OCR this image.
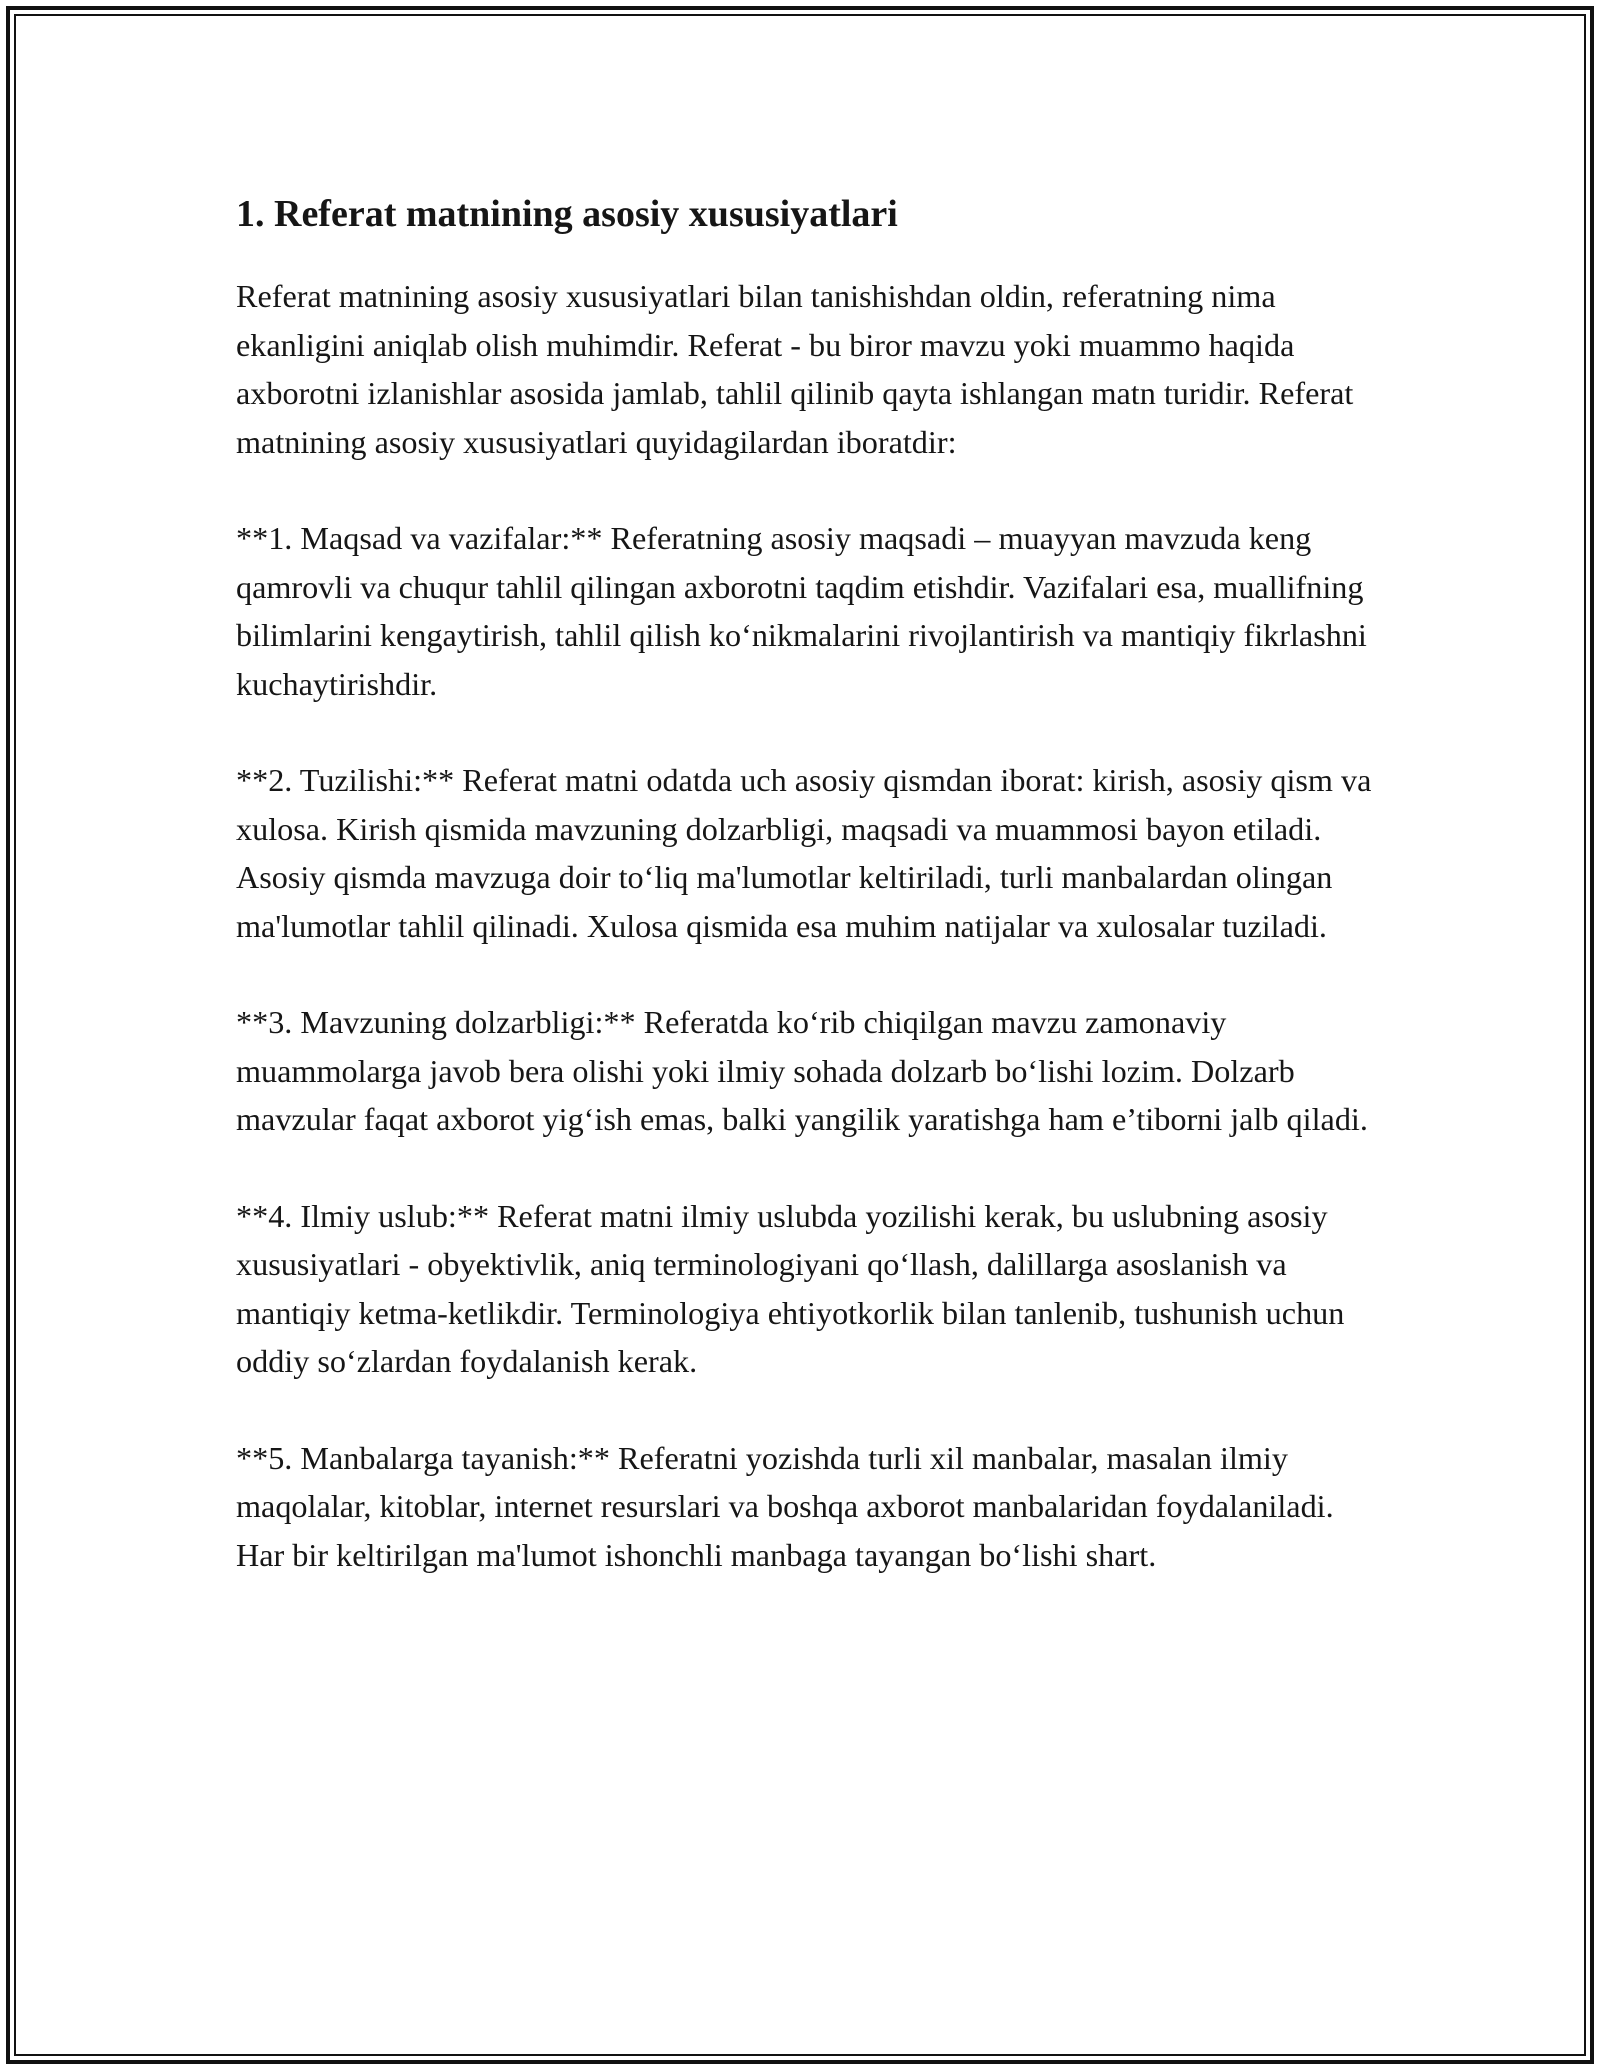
1. Referat matnining asosiy xususiyatlari

Referat matnining asosiy xususiyatlari bilan tanishishdan oldin, referatning nima ekanligini aniqlab olish muhimdir. Referat - bu biror mavzu yoki muammo haqida axborotni izlanishlar asosida jamlab, tahlil qilinib qayta ishlangan matn turidir. Referat matnining asosiy xususiyatlari quyidagilardan iboratdir:

**1. Maqsad va vazifalar:** Referatning asosiy maqsadi – muayyan mavzuda keng qamrovli va chuqur tahlil qilingan axborotni taqdim etishdir. Vazifalari esa, muallifning bilimlarini kengaytirish, tahlil qilish ko‘nikmalarini rivojlantirish va mantiqiy fikrlashni kuchaytirishdir.

**2. Tuzilishi:** Referat matni odatda uch asosiy qismdan iborat: kirish, asosiy qism va xulosa. Kirish qismida mavzuning dolzarbligi, maqsadi va muammosi bayon etiladi. Asosiy qismda mavzuga doir to‘liq ma'lumotlar keltiriladi, turli manbalardan olingan ma'lumotlar tahlil qilinadi. Xulosa qismida esa muhim natijalar va xulosalar tuziladi.

**3. Mavzuning dolzarbligi:** Referatda ko‘rib chiqilgan mavzu zamonaviy muammolarga javob bera olishi yoki ilmiy sohada dolzarb bo‘lishi lozim. Dolzarb mavzular faqat axborot yig‘ish emas, balki yangilik yaratishga ham e’tiborni jalb qiladi.

**4. Ilmiy uslub:** Referat matni ilmiy uslubda yozilishi kerak, bu uslubning asosiy xususiyatlari - obyektivlik, aniq terminologiyani qo‘llash, dalillarga asoslanish va mantiqiy ketma-ketlikdir. Terminologiya ehtiyotkorlik bilan tanlenib, tushunish uchun oddiy so‘zlardan foydalanish kerak.

**5. Manbalarga tayanish:** Referatni yozishda turli xil manbalar, masalan ilmiy maqolalar, kitoblar, internet resurslari va boshqa axborot manbalaridan foydalaniladi. Har bir keltirilgan ma'lumot ishonchli manbaga tayangan bo‘lishi shart.
